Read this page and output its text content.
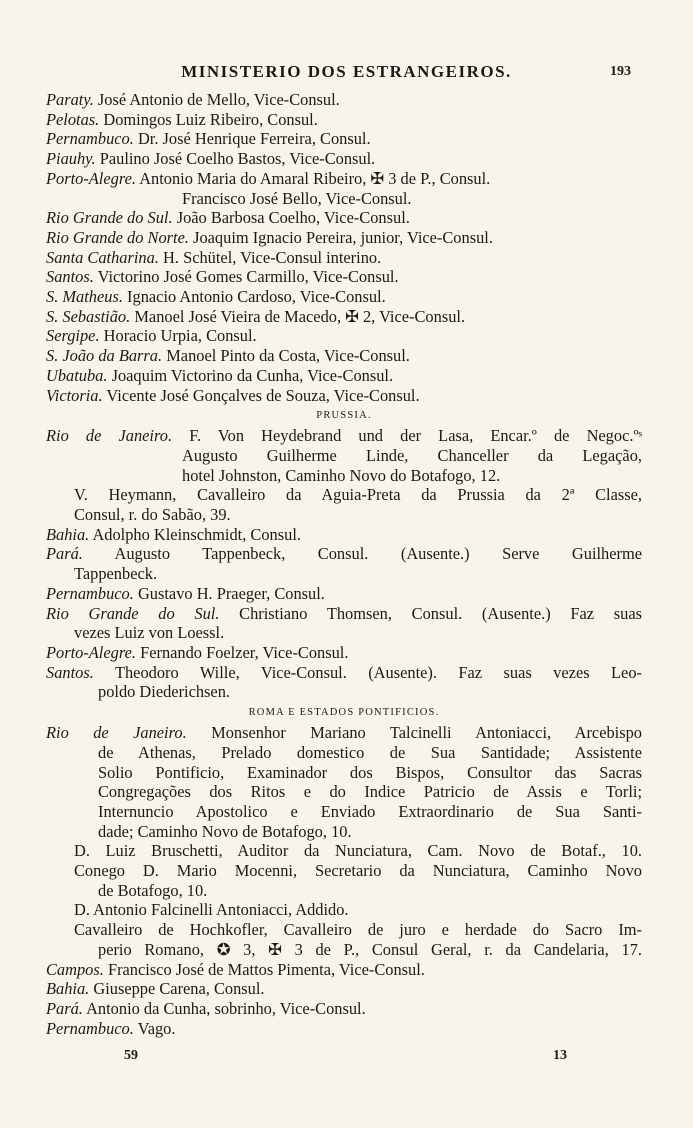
MINISTERIO DOS ESTRANGEIROS.	193
Paraty. José Antonio de Mello, Vice-Consul.
Pelotas. Domingos Luiz Ribeiro, Consul.
Pernambuco. Dr. José Henrique Ferreira, Consul.
Piauhy. Paulino José Coelho Bastos, Vice-Consul.
Porto-Alegre. Antonio Maria do Amaral Ribeiro, ✠ 3 de P., Consul.
Francisco José Bello, Vice-Consul.
Rio Grande do Sul. João Barbosa Coelho, Vice-Consul.
Rio Grande do Norte. Joaquim Ignacio Pereira, junior, Vice-Consul.
Santa Catharina. H. Schütel, Vice-Consul interino.
Santos. Victorino José Gomes Carmillo, Vice-Consul.
S. Matheus. Ignacio Antonio Cardoso, Vice-Consul.
S. Sebastião. Manoel José Vieira de Macedo, ✠ 2, Vice-Consul.
Sergipe. Horacio Urpia, Consul.
S. João da Barra. Manoel Pinto da Costa, Vice-Consul.
Ubatuba. Joaquim Victorino da Cunha, Vice-Consul.
Victoria. Vicente José Gonçalves de Souza, Vice-Consul.
PRUSSIA.
Rio de Janeiro. F. Von Heydebrand und der Lasa, Encar.º de Negoc.ºˢ
Augusto Guilherme Linde, Chanceller da Legação,
hotel Johnston, Caminho Novo do Botafogo, 12.
V. Heymann, Cavalleiro da Aguia-Preta da Prussia da 2ª Classe,
Consul, r. do Sabão, 39.
Bahia. Adolpho Kleinschmidt, Consul.
Pará. Augusto Tappenbeck, Consul. (Ausente.) Serve Guilherme
Tappenbeck.
Pernambuco. Gustavo H. Praeger, Consul.
Rio Grande do Sul. Christiano Thomsen, Consul. (Ausente.) Faz suas
vezes Luiz von Loessl.
Porto-Alegre. Fernando Foelzer, Vice-Consul.
Santos. Theodoro Wille, Vice-Consul. (Ausente). Faz suas vezes Leo-
poldo Diederichsen.
ROMA E ESTADOS PONTIFICIOS.
Rio de Janeiro. Monsenhor Mariano Talcinelli Antoniacci, Arcebispo
de Athenas, Prelado domestico de Sua Santidade; Assistente
Solio Pontificio, Examinador dos Bispos, Consultor das Sacras
Congregações dos Ritos e do Indice Patricio de Assis e Torli;
Internuncio Apostolico e Enviado Extraordinario de Sua Santi-
dade; Caminho Novo de Botafogo, 10.
D. Luiz Bruschetti, Auditor da Nunciatura, Cam. Novo de Botaf., 10.
Conego D. Mario Mocenni, Secretario da Nunciatura, Caminho Novo
de Botafogo, 10.
D. Antonio Falcinelli Antoniacci, Addido.
Cavalleiro de Hochkofler, Cavalleiro de juro e herdade do Sacro Im-
perio Romano, ✪ 3, ✠ 3 de P., Consul Geral, r. da Candelaria, 17.
Campos. Francisco José de Mattos Pimenta, Vice-Consul.
Bahia. Giuseppe Carena, Consul.
Pará. Antonio da Cunha, sobrinho, Vice-Consul.
Pernambuco. Vago.
59	13
